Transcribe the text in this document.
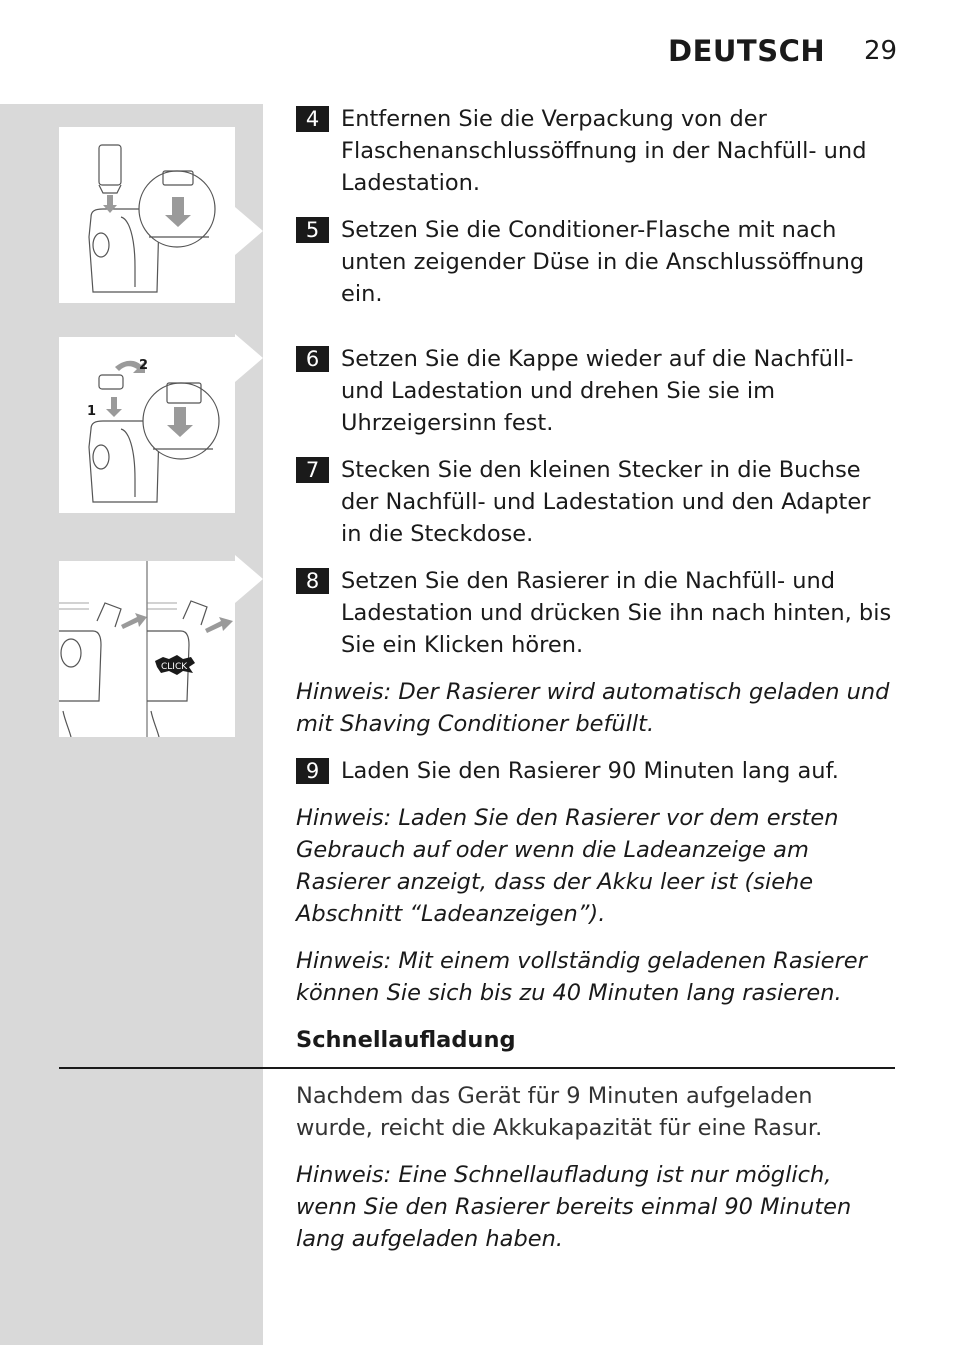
DEUTSCH 29
2
1
CLICK
4 Entfernen Sie die Verpackung von der Flaschenanschlussöffnung in der Nachfüll- und Ladestation.
5 Setzen Sie die Conditioner-Flasche mit nach unten zeigender Düse in die Anschlussöffnung ein.
6 Setzen Sie die Kappe wieder auf die Nachfüll- und Ladestation und drehen Sie sie im Uhrzeigersinn fest.
7 Stecken Sie den kleinen Stecker in die Buchse der Nachfüll- und Ladestation und den Adapter in die Steckdose.
8 Setzen Sie den Rasierer in die Nachfüll- und Ladestation und drücken Sie ihn nach hinten, bis Sie ein Klicken hören.
Hinweis: Der Rasierer wird automatisch geladen und mit Shaving Conditioner befüllt.
9 Laden Sie den Rasierer 90 Minuten lang auf.
Hinweis: Laden Sie den Rasierer vor dem ersten Gebrauch auf oder wenn die Ladeanzeige am Rasierer anzeigt, dass der Akku leer ist (siehe Abschnitt “Ladeanzeigen”).
Hinweis: Mit einem vollständig geladenen Rasierer können Sie sich bis zu 40 Minuten lang rasieren.
Schnellaufladung
Nachdem das Gerät für 9 Minuten aufgeladen wurde, reicht die Akkukapazität für eine Rasur.
Hinweis: Eine Schnellaufladung ist nur möglich, wenn Sie den Rasierer bereits einmal 90 Minuten lang aufgeladen haben.
